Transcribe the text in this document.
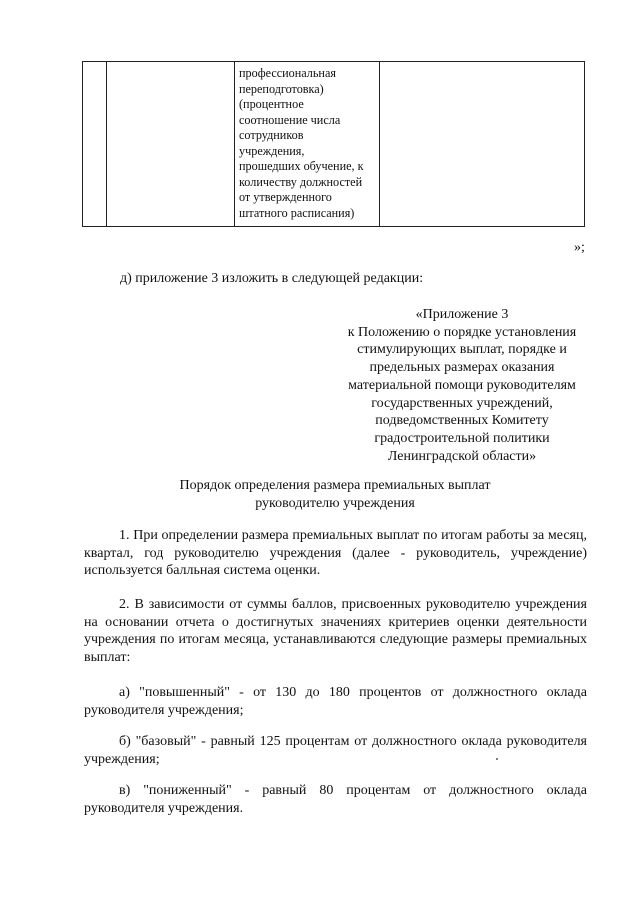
профессиональная
переподготовка)
(процентное
соотношение числа
сотрудников
учреждения,
прошедших обучение, к
количеству должностей
от утвержденного
штатного расписания)

»;
д) приложение 3 изложить в следующей редакции:
«Приложение 3
к Положению о порядке установления
стимулирующих выплат, порядке и
предельных размерах оказания
материальной помощи руководителям
государственных учреждений,
подведомственных Комитету
градостроительной политики
Ленинградской области»
Порядок определения размера премиальных выплат
руководителю учреждения
1. При определении размера премиальных выплат по итогам работы за месяц, квартал, год руководителю учреждения (далее - руководитель, учреждение) используется балльная система оценки.
2. В зависимости от суммы баллов, присвоенных руководителю учреждения на основании отчета о достигнутых значениях критериев оценки деятельности учреждения по итогам месяца, устанавливаются следующие размеры премиальных выплат:
а) "повышенный" - от 130 до 180 процентов от должностного оклада руководителя учреждения;
б) "базовый" - равный 125 процентам от должностного оклада руководителя учреждения;
в) "пониженный" - равный 80 процентам от должностного оклада руководителя учреждения.
